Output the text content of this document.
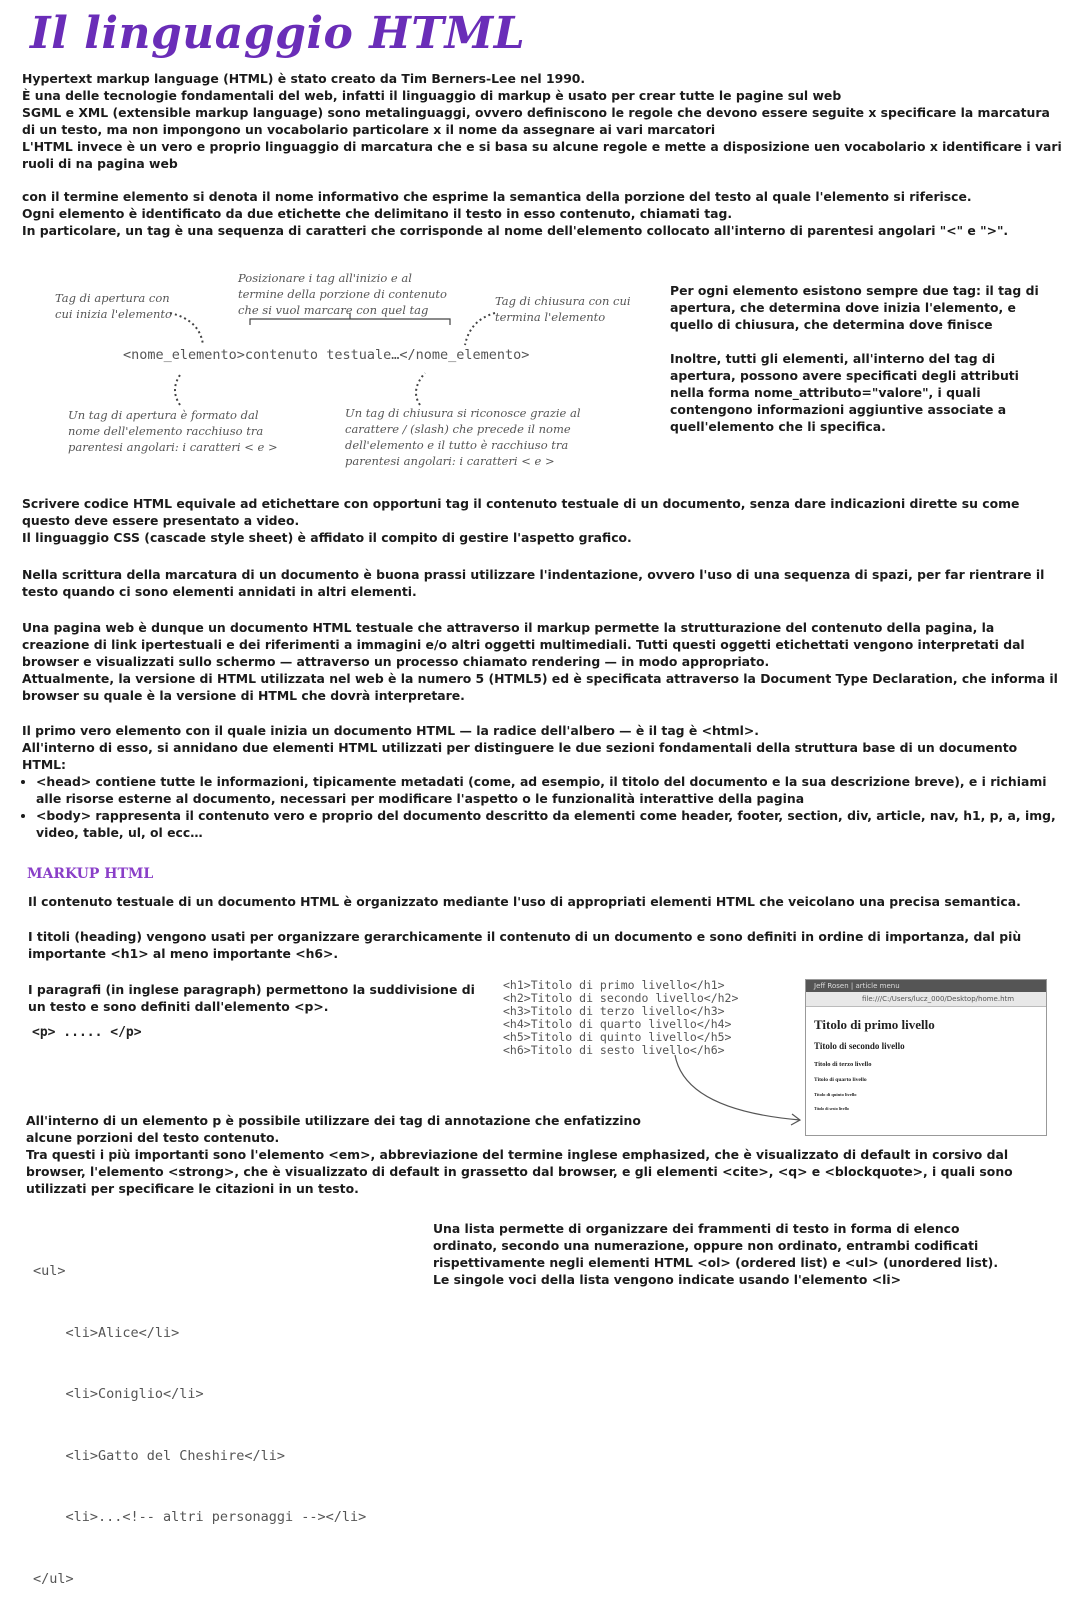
Il linguaggio HTML
Hypertext markup language (HTML) è stato creato da Tim Berners-Lee nel 1990.
È una delle tecnologie fondamentali del web, infatti il linguaggio di markup è usato per crear tutte le pagine sul web
SGML e XML (extensible markup language) sono metalinguaggi, ovvero definiscono le regole che devono essere seguite x specificare la marcatura di un testo, ma non impongono un vocabolario particolare x il nome da assegnare ai vari marcatori
L'HTML invece è un vero e proprio linguaggio di marcatura che e si basa su alcune regole e mette a disposizione uen vocabolario x identificare i vari ruoli di na pagina web
con il termine elemento si denota il nome informativo che esprime la semantica della porzione del testo al quale l'elemento si riferisce.
Ogni elemento è identificato da due etichette che delimitano il testo in esso contenuto, chiamati tag.
In particolare, un tag è una sequenza di caratteri che corrisponde al nome dell'elemento collocato all'interno di parentesi angolari "<" e ">".
Posizionare i tag all'inizio e al termine della porzione di contenuto che si vuol marcare con quel tag
Tag di apertura con cui inizia l'elemento
Tag di chiusura con cui termina l'elemento
<nome_elemento>contenuto testuale…</nome_elemento>
Un tag di apertura è formato dal nome dell'elemento racchiuso tra parentesi angolari: i caratteri < e >
Un tag di chiusura si riconosce grazie al carattere / (slash) che precede il nome dell'elemento e il tutto è racchiuso tra parentesi angolari: i caratteri < e >
Per ogni elemento esistono sempre due tag: il tag di apertura, che determina dove inizia l'elemento, e quello di chiusura, che determina dove finisce
Inoltre, tutti gli elementi, all'interno del tag di apertura, possono avere specificati degli attributi nella forma nome_attributo="valore", i quali contengono informazioni aggiuntive associate a quell'elemento che li specifica.
Scrivere codice HTML equivale ad etichettare con opportuni tag il contenuto testuale di un documento, senza dare indicazioni dirette su come questo deve essere presentato a video.
Il linguaggio CSS (cascade style sheet) è affidato il compito di gestire l'aspetto grafico.
Nella scrittura della marcatura di un documento è buona prassi utilizzare l'indentazione, ovvero l'uso di una sequenza di spazi, per far rientrare il testo quando ci sono elementi annidati in altri elementi.
Una pagina web è dunque un documento HTML testuale che attraverso il markup permette la strutturazione del contenuto della pagina, la creazione di link ipertestuali e dei riferimenti a immagini e/o altri oggetti multimediali. Tutti questi oggetti etichettati vengono interpretati dal browser e visualizzati sullo schermo — attraverso un processo chiamato rendering — in modo appropriato.
Attualmente, la versione di HTML utilizzata nel web è la numero 5 (HTML5) ed è specificata attraverso la Document Type Declaration, che informa il browser su quale è la versione di HTML che dovrà interpretare.
Il primo vero elemento con il quale inizia un documento HTML — la radice dell'albero — è il tag è <html>.
All'interno di esso, si annidano due elementi HTML utilizzati per distinguere le due sezioni fondamentali della struttura base di un documento HTML:
• <head> contiene tutte le informazioni, tipicamente metadati (come, ad esempio, il titolo del documento e la sua descrizione breve), e i richiami alle risorse esterne al documento, necessari per modificare l'aspetto o le funzionalità interattive della pagina
• <body> rappresenta il contenuto vero e proprio del documento descritto da elementi come header, footer, section, div, article, nav, h1, p, a, img, video, table, ul, ol ecc…
MARKUP HTML
Il contenuto testuale di un documento HTML è organizzato mediante l'uso di appropriati elementi HTML che veicolano una precisa semantica.
I titoli (heading) vengono usati per organizzare gerarchicamente il contenuto di un documento e sono definiti in ordine di importanza, dal più importante <h1> al meno importante <h6>.
I paragrafi (in inglese paragraph) permettono la suddivisione di un testo e sono definiti dall'elemento <p>.
<p> ..... </p>
<h1>Titolo di primo livello</h1>
<h2>Titolo di secondo livello</h2>
<h3>Titolo di terzo livello</h3>
<h4>Titolo di quarto livello</h4>
<h5>Titolo di quinto livello</h5>
<h6>Titolo di sesto livello</h6>
Jeff Rosen | article menu
file:///C:/Users/lucz_000/Desktop/home.htm
Titolo di primo livello
Titolo di secondo livello
Titolo di terzo livello
Titolo di quarto livello
Titolo di quinto livello
Titolo di sesto livello
All'interno di un elemento p è possibile utilizzare dei tag di annotazione che enfatizzino alcune porzioni del testo contenuto.
Tra questi i più importanti sono l'elemento <em>, abbreviazione del termine inglese emphasized, che è visualizzato di default in corsivo dal browser, l'elemento <strong>, che è visualizzato di default in grassetto dal browser, e gli elementi <cite>, <q> e <blockquote>, i quali sono utilizzati per specificare le citazioni in un testo.

<ul>

<li>Alice</li>

<li>Coniglio</li>

<li>Gatto del Cheshire</li>

<li>...<!-- altri personaggi --></li>

</ul>

Una lista permette di organizzare dei frammenti di testo in forma di elenco ordinato, secondo una numerazione, oppure non ordinato, entrambi codificati rispettivamente negli elementi HTML <ol> (ordered list) e <ul> (unordered list). Le singole voci della lista vengono indicate usando l'elemento <li>
